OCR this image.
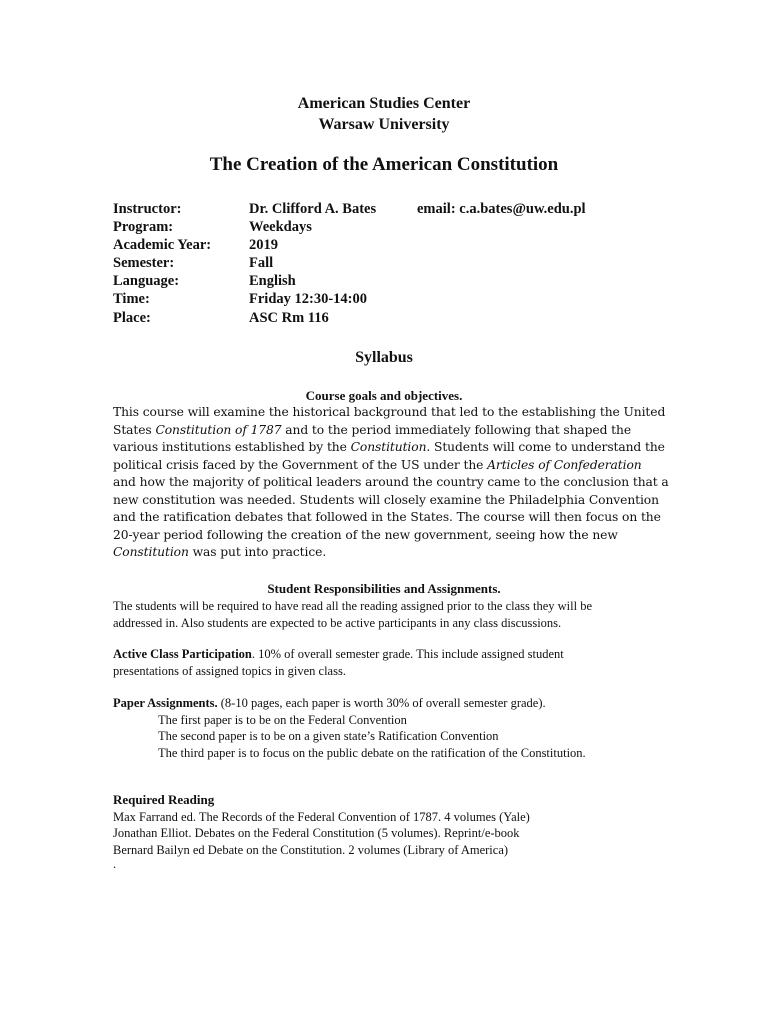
American Studies Center
Warsaw University
The Creation of the American Constitution
Instructor:	Dr. Clifford A. Bates	email: c.a.bates@uw.edu.pl
Program:	Weekdays
Academic Year:	2019
Semester:	Fall
Language:	English
Time:	Friday 12:30-14:00
Place:	ASC Rm 116
Syllabus
Course goals and objectives.
This course will examine the historical background that led to the establishing the United
States Constitution of 1787 and to the period immediately following that shaped the
various institutions established by the Constitution. Students will come to understand the
political crisis faced by the Government of the US under the Articles of Confederation
and how the majority of political leaders around the country came to the conclusion that a
new constitution was needed. Students will closely examine the Philadelphia Convention
and the ratification debates that followed in the States. The course will then focus on the
20-year period following the creation of the new government, seeing how the new
Constitution was put into practice.
Student Responsibilities and Assignments.
The students will be required to have read all the reading assigned prior to the class they will be
addressed in. Also students are expected to be active participants in any class discussions.
Active Class Participation. 10% of overall semester grade. This include assigned student
presentations of assigned topics in given class.
Paper Assignments. (8-10 pages, each paper is worth 30% of overall semester grade).
The first paper is to be on the Federal Convention
The second paper is to be on a given state’s Ratification Convention
The third paper is to focus on the public debate on the ratification of the Constitution.
Required Reading
Max Farrand ed. The Records of the Federal Convention of 1787. 4 volumes (Yale)
Jonathan Elliot. Debates on the Federal Constitution (5 volumes). Reprint/e-book
Bernard Bailyn ed Debate on the Constitution. 2 volumes (Library of America)
.
